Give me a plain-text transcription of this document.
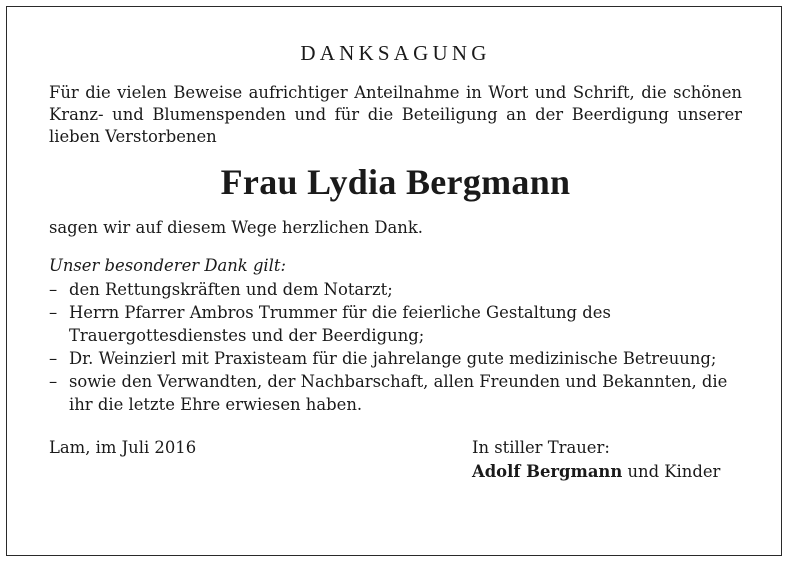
DANKSAGUNG

Für die vielen Beweise aufrichtiger Anteilnahme in Wort und Schrift, die schönen Kranz- und Blumenspenden und für die Beteiligung an der Beerdigung unserer lieben Verstorbenen

Frau Lydia Bergmann

sagen wir auf diesem Wege herzlichen Dank.

Unser besonderer Dank gilt:

– den Rettungskräften und dem Notarzt;
– Herrn Pfarrer Ambros Trummer für die feierliche Gestaltung des Trauergottesdienstes und der Beerdigung;
– Dr. Weinzierl mit Praxisteam für die jahrelange gute medizinische Betreuung;
– sowie den Verwandten, der Nachbarschaft, allen Freunden und Bekannten, die ihr die letzte Ehre erwiesen haben.
Lam, im Juli 2016	In stiller Trauer:
Adolf Bergmann und Kinder
